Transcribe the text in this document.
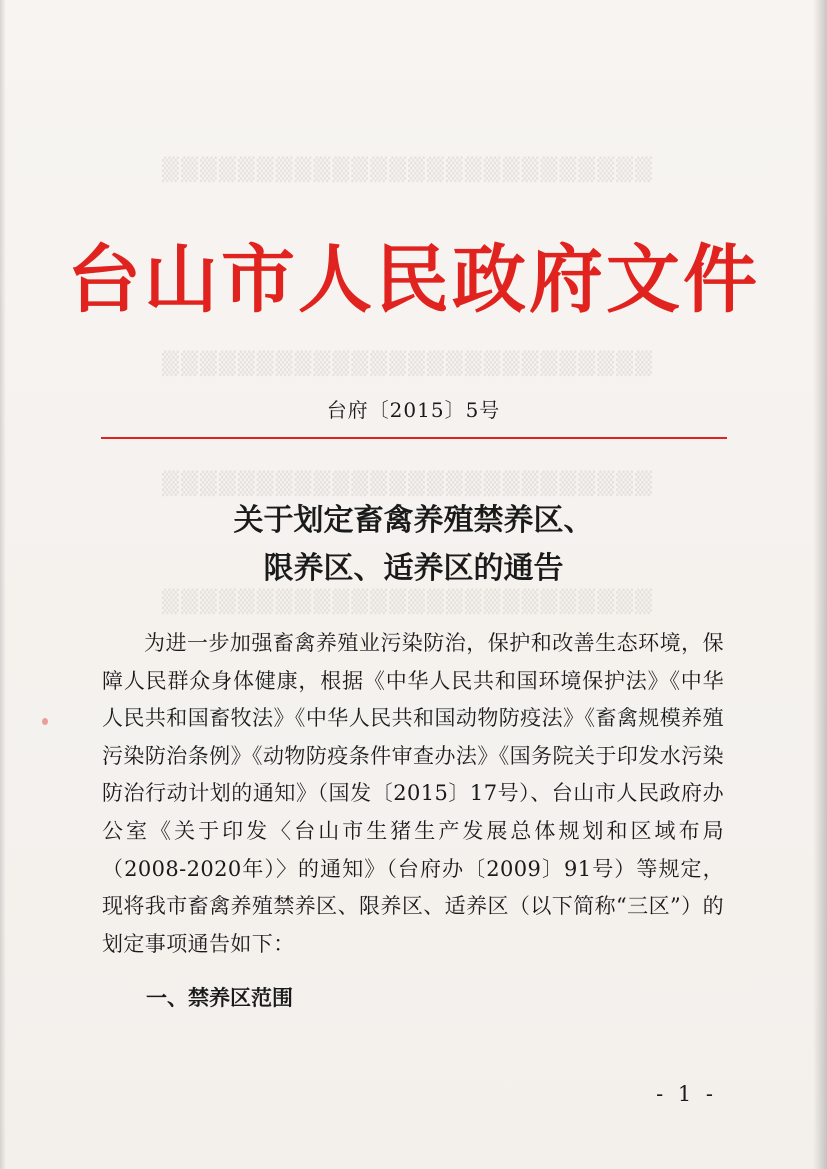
▒▒▒▒▒▒▒▒▒▒▒▒▒▒▒▒▒▒▒▒▒▒▒▒▒▒
▒▒▒▒▒▒▒▒▒▒▒▒▒▒▒▒▒▒▒▒▒▒▒▒▒▒
▒▒▒▒▒▒▒▒▒▒▒▒▒▒▒▒▒▒▒▒▒▒▒▒▒▒
▒▒▒▒▒▒▒▒▒▒▒▒▒▒▒▒▒▒▒▒▒▒▒▒▒▒
台山市人民政府文件
台府〔2015〕5号
关于划定畜禽养殖禁养区、
限养区、适养区的通告
为进一步加强畜禽养殖业污染防治，保护和改善生态环境，保障人民群众身体健康，根据《中华人民共和国环境保护法》《中华人民共和国畜牧法》《中华人民共和国动物防疫法》《畜禽规模养殖污染防治条例》《动物防疫条件审查办法》《国务院关于印发水污染防治行动计划的通知》（国发〔2015〕17号）、台山市人民政府办公室《关于印发〈台山市生猪生产发展总体规划和区域布局（2008-2020年）〉的通知》（台府办〔2009〕91号）等规定，现将我市畜禽养殖禁养区、限养区、适养区（以下简称“三区”）的划定事项通告如下：
一、禁养区范围
- 1 -
